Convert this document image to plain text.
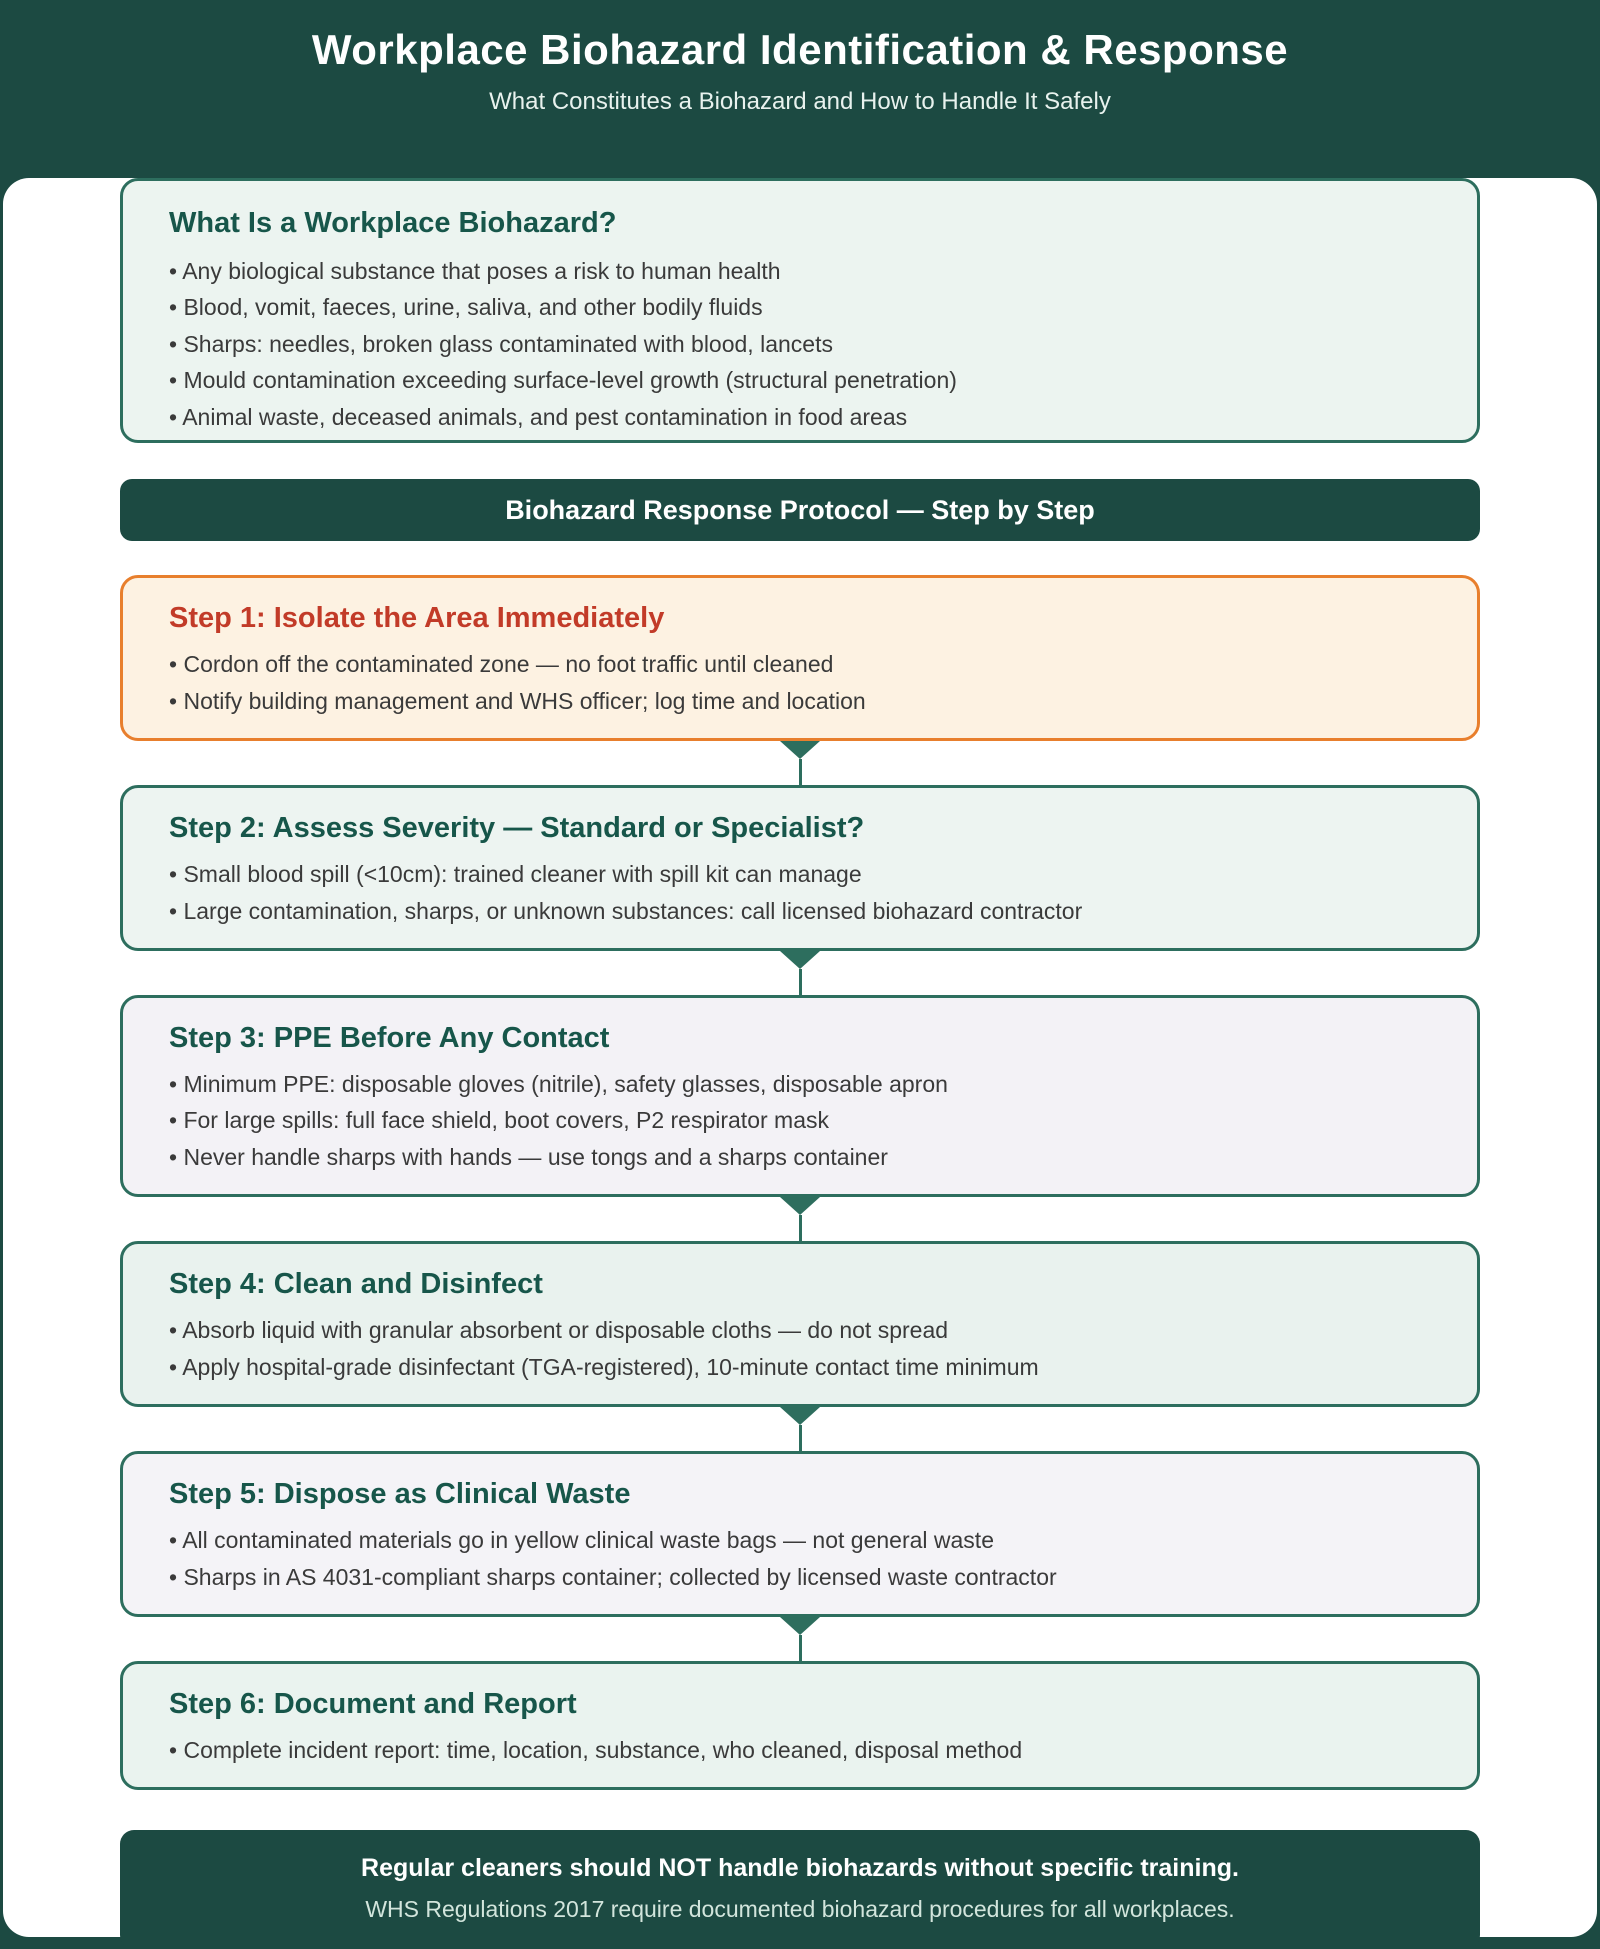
Workplace Biohazard Identification & Response

What Constitutes a Biohazard and How to Handle It Safely

What Is a Workplace Biohazard?
• Any biological substance that poses a risk to human health
• Blood, vomit, faeces, urine, saliva, and other bodily fluids
• Sharps: needles, broken glass contaminated with blood, lancets
• Mould contamination exceeding surface-level growth (structural penetration)
• Animal waste, deceased animals, and pest contamination in food areas
Biohazard Response Protocol — Step by Step
Step 1: Isolate the Area Immediately
• Cordon off the contaminated zone — no foot traffic until cleaned
• Notify building management and WHS officer; log time and location
Step 2: Assess Severity — Standard or Specialist?
• Small blood spill (<10cm): trained cleaner with spill kit can manage
• Large contamination, sharps, or unknown substances: call licensed biohazard contractor
Step 3: PPE Before Any Contact
• Minimum PPE: disposable gloves (nitrile), safety glasses, disposable apron
• For large spills: full face shield, boot covers, P2 respirator mask
• Never handle sharps with hands — use tongs and a sharps container
Step 4: Clean and Disinfect
• Absorb liquid with granular absorbent or disposable cloths — do not spread
• Apply hospital-grade disinfectant (TGA-registered), 10-minute contact time minimum
Step 5: Dispose as Clinical Waste
• All contaminated materials go in yellow clinical waste bags — not general waste
• Sharps in AS 4031-compliant sharps container; collected by licensed waste contractor
Step 6: Document and Report
• Complete incident report: time, location, substance, who cleaned, disposal method

Regular cleaners should NOT handle biohazards without specific training.

WHS Regulations 2017 require documented biohazard procedures for all workplaces.
